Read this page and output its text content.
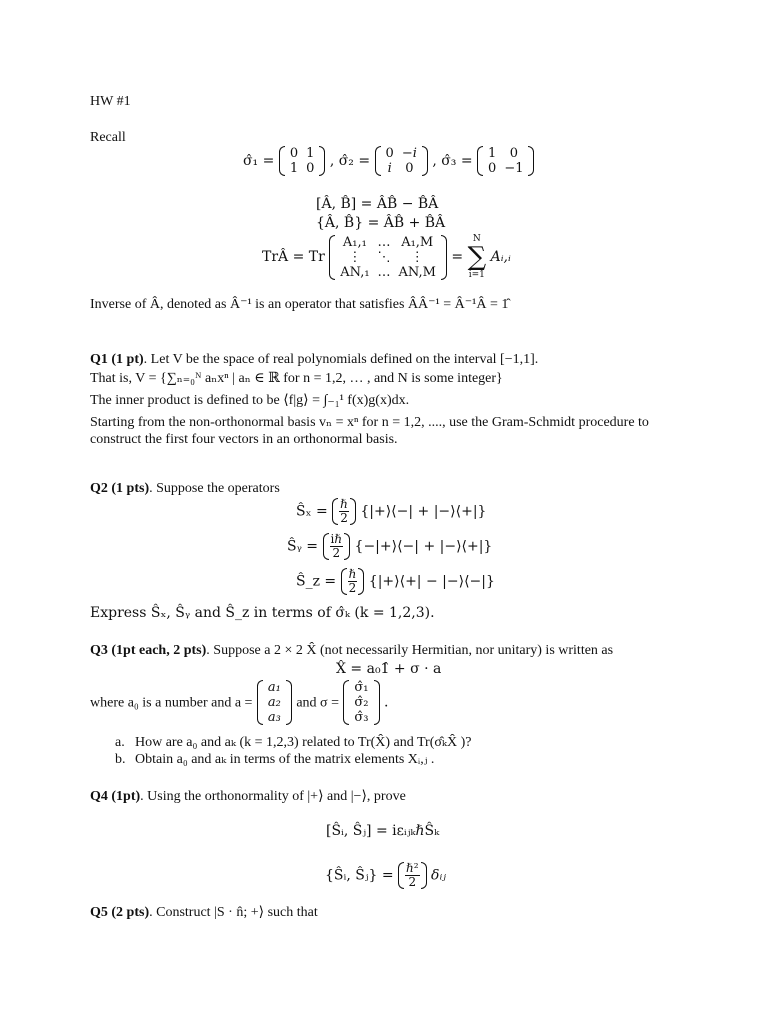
HW #1
Recall
σ̂₁ = 0	1
1	0 , σ̂₂ = 0	−i
i	0 , σ̂₃ = 1	0
0	−1
[Â, B̂] = ÂB̂ − B̂Â
{Â, B̂} = ÂB̂ + B̂Â
TrÂ = Tr
A₁,₁	…	A₁,M
⋮	⋱	⋮
AN,₁	…	AN,M
= N
∑
i=1 Aᵢ,ᵢ
Inverse of Â, denoted as Â⁻¹ is an operator that satisfies ÂÂ⁻¹ = Â⁻¹Â = 1̂
Q1 (1 pt). Let V be the space of real polynomials defined on the interval [−1,1].
That is, V = {∑ₙ₌₀ᴺ aₙxⁿ | aₙ ∈ ℝ for n = 1,2, … , and N is some integer}
The inner product is defined to be ⟨f|g⟩ = ∫₋₁¹ f(x)g(x)dx.
Starting from the non-orthonormal basis vₙ = xⁿ for n = 1,2, ...., use the Gram-Schmidt procedure to
construct the first four vectors in an orthonormal basis.
Q2 (1 pts). Suppose the operators
Ŝₓ = $\frac{\text{ℏ}}{2}$ {|+⟩⟨−| + |−⟩⟨+|}
Ŝᵧ = $\frac{\text{iℏ}}{2}$ {−|+⟩⟨−| + |−⟩⟨+|}
Ŝ_z = $\frac{\text{ℏ}}{2}$ {|+⟩⟨+| − |−⟩⟨−|}
Express Ŝₓ, Ŝᵧ and Ŝ_z in terms of σ̂ₖ (k = 1,2,3).
Q3 (1pt each, 2 pts). Suppose a 2 × 2 X̂ (not necessarily Hermitian, nor unitary) is written as
X̂ = a₀1̂ + σ · a
where a₀ is a number and a =
a₁
a₂
a₃
and σ =
σ̂₁
σ̂₂
σ̂₃
.
a. How are a₀ and aₖ (k = 1,2,3) related to Tr(X̂) and Tr(σ̂ₖX̂ )?
b. Obtain a₀ and aₖ in terms of the matrix elements Xᵢ,ⱼ .
Q4 (1pt). Using the orthonormality of |+⟩ and |−⟩, prove
[Ŝᵢ, Ŝⱼ] = iεᵢⱼₖℏŜₖ
{Ŝᵢ, Ŝⱼ} = $\frac{\text{ℏ²}}{2}$ δᵢⱼ
Q5 (2 pts). Construct |S · n̂; +⟩ such that
